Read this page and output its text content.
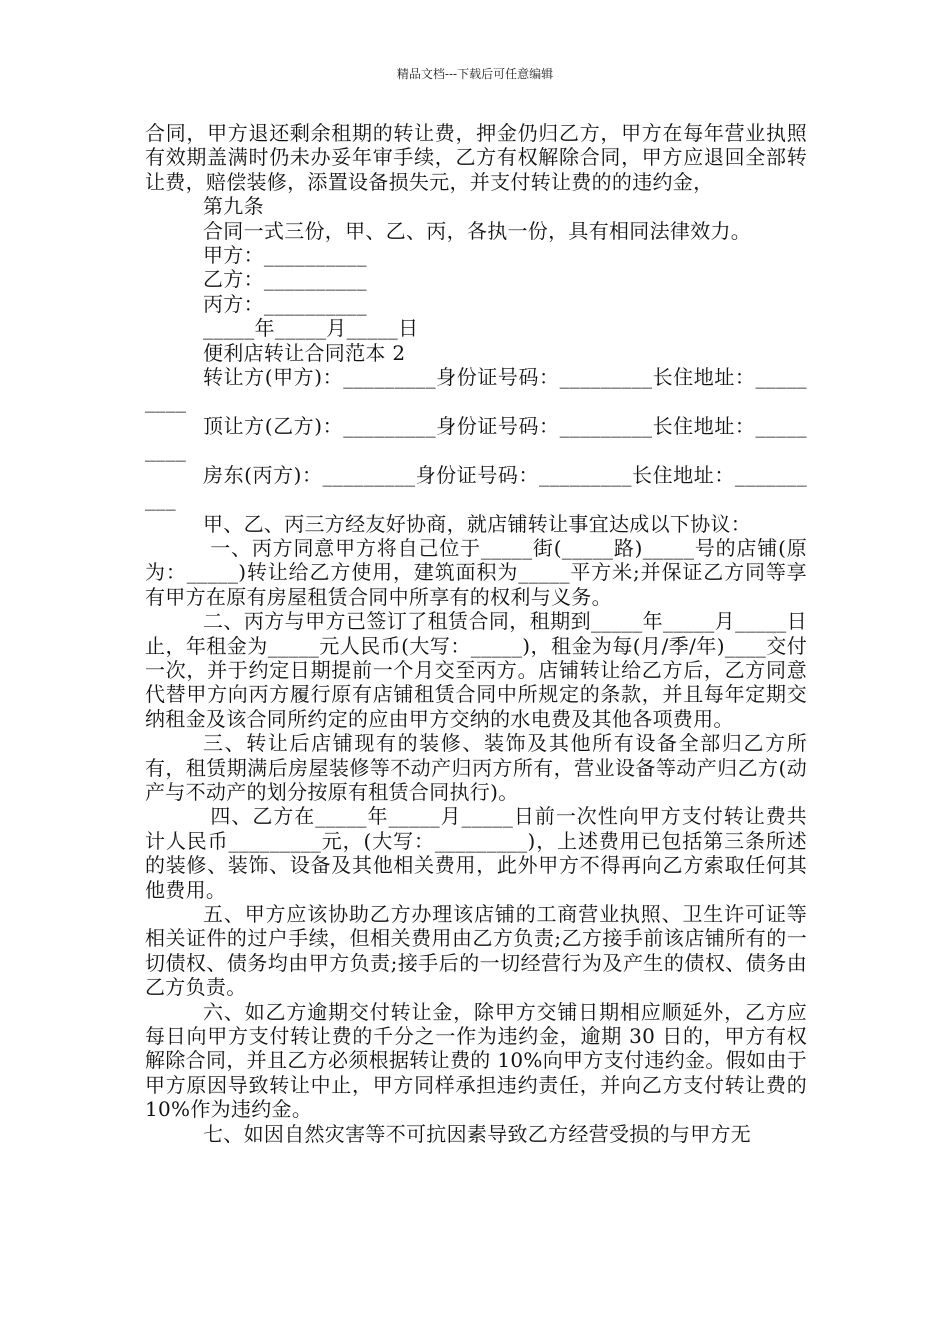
精品文档---下载后可任意编辑

合同，甲方退还剩余租期的转让费，押金仍归乙方，甲方在每年营业执照有效期盖满时仍未办妥年审手续，乙方有权解除合同，甲方应退回全部转让费，赔偿装修，添置设备损失元，并支付转让费的的违约金，

第九条

合同一式三份，甲、乙、丙，各执一份，具有相同法律效力。

甲方：__________

乙方：__________

丙方：__________

_____年_____月_____日

便利店转让合同范本 2

转让方(甲方)：_________身份证号码：_________长住地址：_________

顶让方(乙方)：_________身份证号码：_________长住地址：_________

房东(丙方)：_________身份证号码：_________长住地址：__________

甲、乙、丙三方经友好协商，就店铺转让事宜达成以下协议：

一、丙方同意甲方将自己位于_____街(_____路)_____号的店铺(原为：_____)转让给乙方使用，建筑面积为_____平方米;并保证乙方同等享有甲方在原有房屋租赁合同中所享有的权利与义务。

二、丙方与甲方已签订了租赁合同，租期到_____年_____月_____日止，年租金为_____元人民币(大写：_____)，租金为每(月/季/年)____交付一次，并于约定日期提前一个月交至丙方。店铺转让给乙方后，乙方同意代替甲方向丙方履行原有店铺租赁合同中所规定的条款，并且每年定期交纳租金及该合同所约定的应由甲方交纳的水电费及其他各项费用。

三、转让后店铺现有的装修、装饰及其他所有设备全部归乙方所有，租赁期满后房屋装修等不动产归丙方所有，营业设备等动产归乙方(动产与不动产的划分按原有租赁合同执行)。

四、乙方在_____年_____月_____日前一次性向甲方支付转让费共计人民币_________元，(大写：_________)，上述费用已包括第三条所述的装修、装饰、设备及其他相关费用，此外甲方不得再向乙方索取任何其他费用。

五、甲方应该协助乙方办理该店铺的工商营业执照、卫生许可证等相关证件的过户手续，但相关费用由乙方负责;乙方接手前该店铺所有的一切债权、债务均由甲方负责;接手后的一切经营行为及产生的债权、债务由乙方负责。

六、如乙方逾期交付转让金，除甲方交铺日期相应顺延外，乙方应每日向甲方支付转让费的千分之一作为违约金，逾期 30 日的，甲方有权解除合同，并且乙方必须根据转让费的 10%向甲方支付违约金。假如由于甲方原因导致转让中止，甲方同样承担违约责任，并向乙方支付转让费的 10%作为违约金。

七、如因自然灾害等不可抗因素导致乙方经营受损的与甲方无
